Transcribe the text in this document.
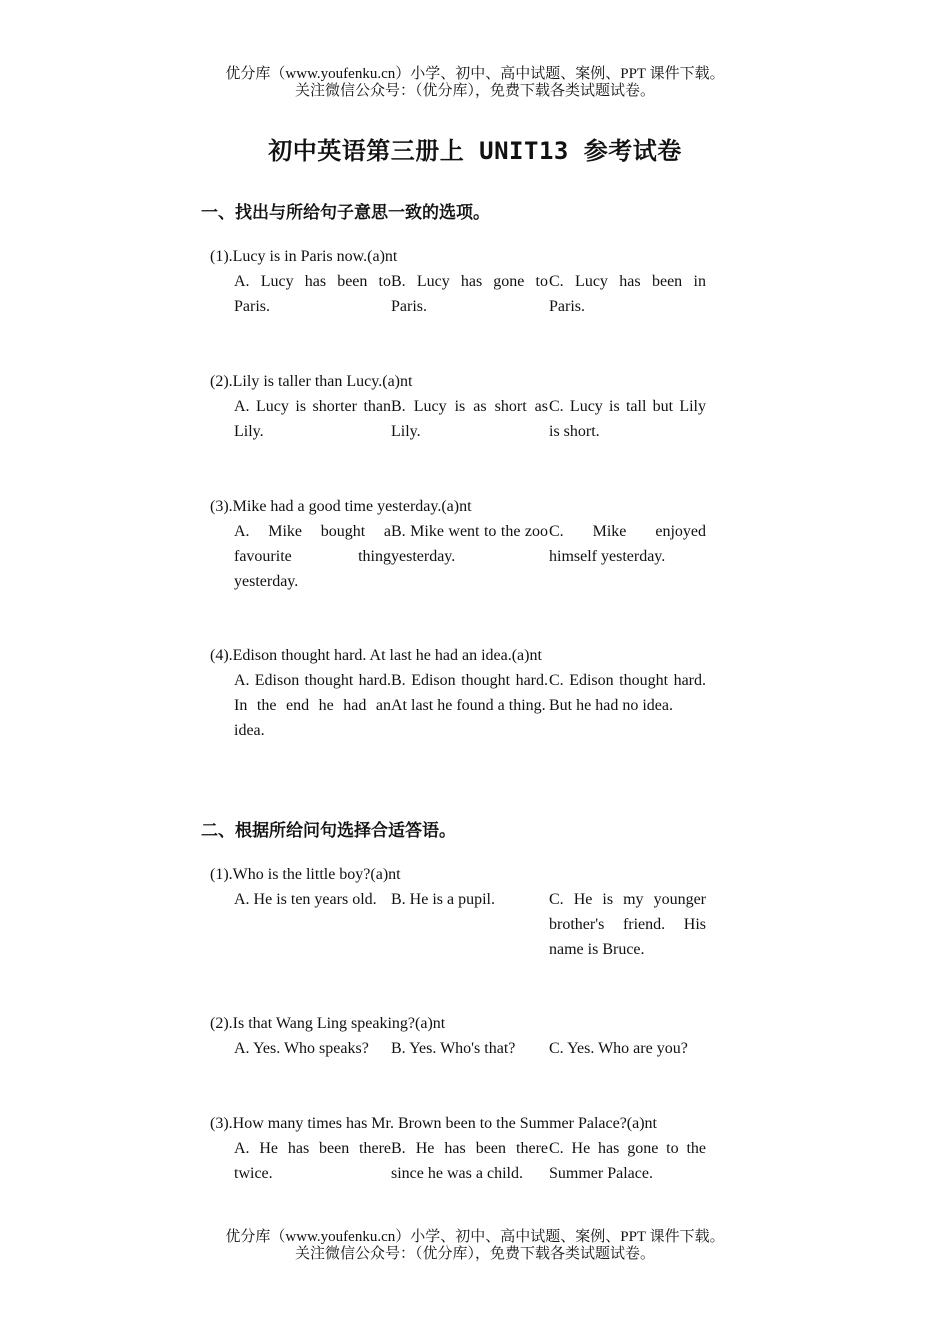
优分库（www.youfenku.cn）小学、初中、高中试题、案例、PPT 课件下载。
关注微信公众号：（优分库），免费下载各类试题试卷。
初中英语第三册上 UNIT13 参考试卷
一、找出与所给句子意思一致的选项。
(1).Lucy is in Paris now.(a)nt
A. Lucy has been to Paris.
B. Lucy has gone to Paris.
C. Lucy has been in Paris.
(2).Lily is taller than Lucy.(a)nt
A. Lucy is shorter than Lily.
B. Lucy is as short as Lily.
C. Lucy is tall but Lily is short.
(3).Mike had a good time yesterday.(a)nt
A. Mike bought a favourite thing yesterday.
B. Mike went to the zoo yesterday.
C. Mike enjoyed himself yesterday.
(4).Edison thought hard. At last he had an idea.(a)nt
A. Edison thought hard. In the end he had an idea.
B. Edison thought hard. At last he found a thing.
C. Edison thought hard. But he had no idea.
二、根据所给问句选择合适答语。
(1).Who is the little boy?(a)nt
A. He is ten years old. B. He is a pupil.	C. He is my younger brother's friend. His name is Bruce.
(2).Is that Wang Ling speaking?(a)nt
A. Yes. Who speaks?	B. Yes. Who's that?	C. Yes. Who are you?
(3).How many times has Mr. Brown been to the Summer Palace?(a)nt
A. He has been there twice.
B. He has been there since he was a child.
C. He has gone to the Summer Palace.
优分库（www.youfenku.cn）小学、初中、高中试题、案例、PPT 课件下载。
关注微信公众号：（优分库），免费下载各类试题试卷。
